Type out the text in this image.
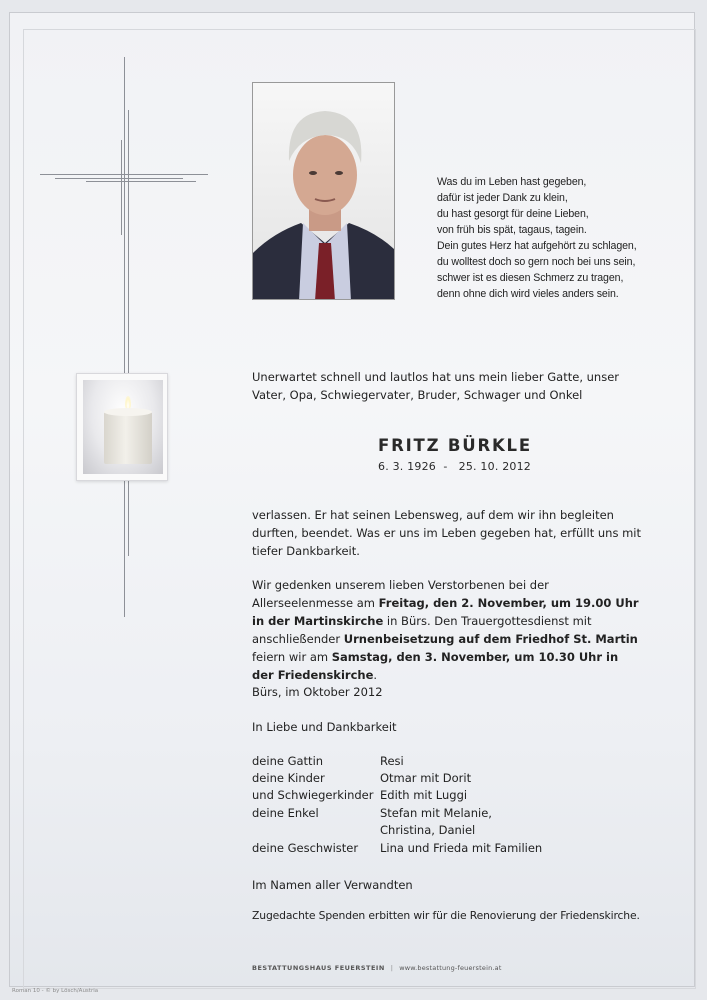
Was du im Leben hast gegeben,
dafür ist jeder Dank zu klein,
du hast gesorgt für deine Lieben,
von früh bis spät, tagaus, tagein.
Dein gutes Herz hat aufgehört zu schlagen,
du wolltest doch so gern noch bei uns sein,
schwer ist es diesen Schmerz zu tragen,
denn ohne dich wird vieles anders sein.
Unerwartet schnell und lautlos hat uns mein lieber Gatte, unser Vater, Opa, Schwiegervater, Bruder, Schwager und Onkel
FRITZ BÜRKLE
6. 3. 1926  -   25. 10. 2012
verlassen. Er hat seinen Lebensweg, auf dem wir ihn begleiten durften, beendet. Was er uns im Leben gegeben hat, erfüllt uns mit tiefer Dankbarkeit.
Wir gedenken unserem lieben Verstorbenen bei der Allerseelenmesse am Freitag, den 2. November, um 19.00 Uhr in der Martinskirche in Bürs. Den Trauergottesdienst mit anschließender Urnenbeisetzung auf dem Friedhof St. Martin feiern wir am Samstag, den 3. November, um 10.30 Uhr in der Friedenskirche.
Bürs, im Oktober 2012
In Liebe und Dankbarkeit
deine Gattin	Resi
deine Kinder	Otmar mit Dorit
und Schwiegerkinder Edith mit Luggi
deine Enkel	Stefan mit Melanie,
Christina, Daniel
deine Geschwister Lina und Frieda mit Familien
Im Namen aller Verwandten
Zugedachte Spenden erbitten wir für die Renovierung der Friedenskirche.
BESTATTUNGSHAUS FEUERSTEIN | www.bestattung-feuerstein.at
Roman 10 - © by Lösch/Austria
